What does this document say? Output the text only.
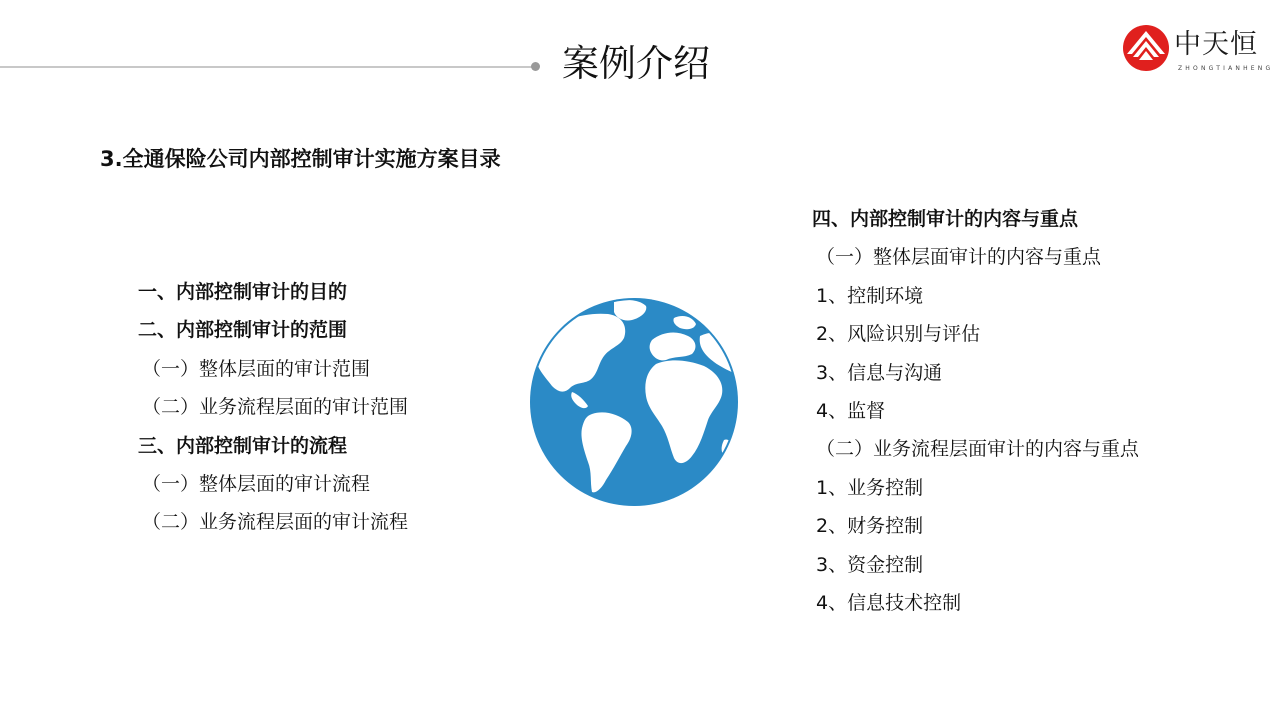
案例介绍	中天恒
ZHONGTIANHENG
3.全通保险公司内部控制审计实施方案目录
一、内部控制审计的目的
二、内部控制审计的范围
（一）整体层面的审计范围
（二）业务流程层面的审计范围
三、内部控制审计的流程
（一）整体层面的审计流程
（二）业务流程层面的审计流程
四、内部控制审计的内容与重点
（一）整体层面审计的内容与重点
1、控制环境
2、风险识别与评估
3、信息与沟通
4、监督
（二）业务流程层面审计的内容与重点
1、业务控制
2、财务控制
3、资金控制
4、信息技术控制
